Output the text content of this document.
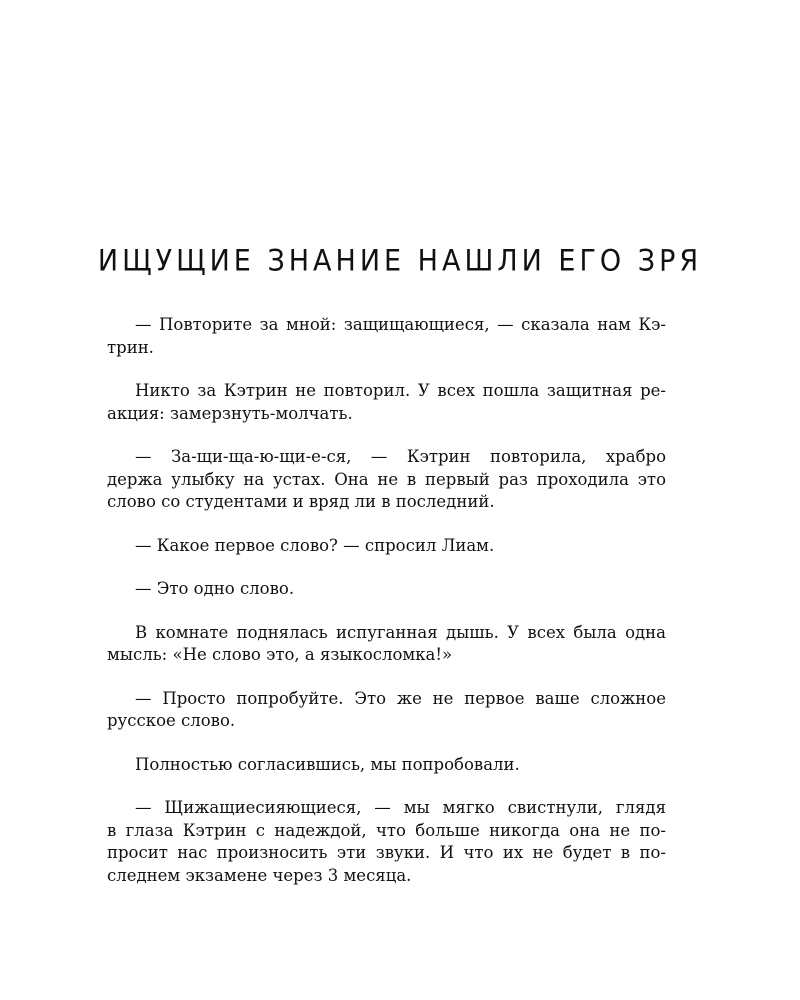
ИЩУЩИЕ ЗНАНИЕ НАШЛИ ЕГО ЗРЯ

— Повторите за мной: защищающиеся, — сказала нам Кэ-
трин.

Никто за Кэтрин не повторил. У всех пошла защитная ре-
акция: замерзнуть-молчать.

— За-щи-ща-ю-щи-е-ся, — Кэтрин повторила, храбро
держа улыбку на устах. Она не в первый раз проходила это
слово со студентами и вряд ли в последний.

— Какое первое слово? — спросил Лиам.

— Это одно слово.

В комнате поднялась испуганная дышь. У всех была одна
мысль: «Не слово это, а языкосломка!»

— Просто попробуйте. Это же не первое ваше сложное
русское слово.

Полностью согласившись, мы попробовали.

— Щижащиесияющиеся, — мы мягко свистнули, глядя
в глаза Кэтрин с надеждой, что больше никогда она не по-
просит нас произносить эти звуки. И что их не будет в по-
следнем экзамене через 3 месяца.
